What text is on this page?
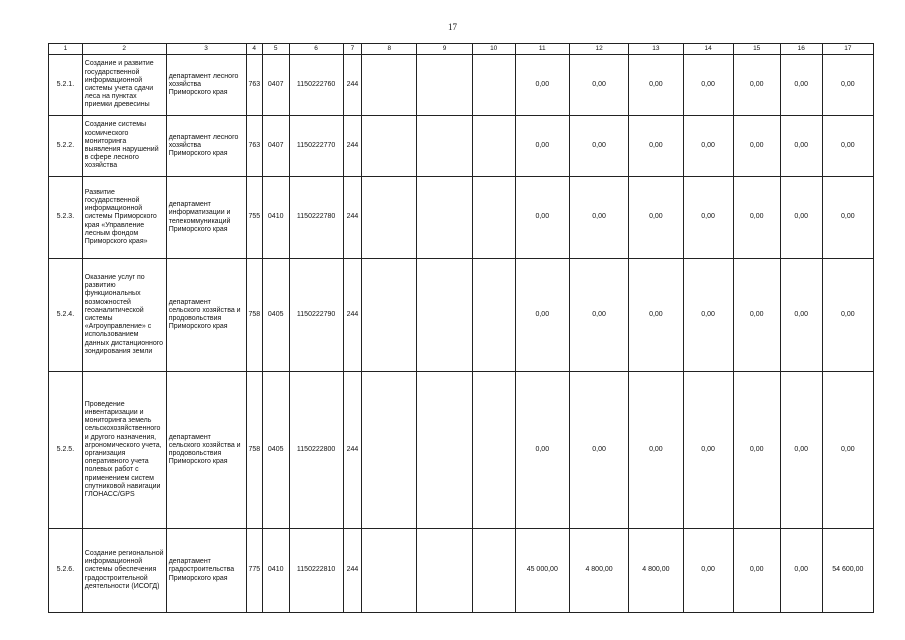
17
1	2	3	4	5	6	7	8	9	10	11	12	13	14	15	16	17
5.2.1.	Создание и развитие государственной информационной системы учета сдачи леса на пунктах приемки древесины	департамент лесного хозяйства Приморского края	763	0407	1150222760	244				0,00	0,00	0,00	0,00	0,00	0,00	0,00
5.2.2.	Создание системы космического мониторинга выявления нарушений в сфере лесного хозяйства	департамент лесного хозяйства Приморского края	763	0407	1150222770	244				0,00	0,00	0,00	0,00	0,00	0,00	0,00
5.2.3.	Развитие государственной информационной системы Приморского края «Управление лесным фондом Приморского края»	департамент информатизации и телекоммуникаций Приморского края	755	0410	1150222780	244				0,00	0,00	0,00	0,00	0,00	0,00	0,00
5.2.4.	Оказание услуг по развитию функциональных возможностей геоаналитической системы «Агроуправление» с использованием данных дистанционного зондирования земли	департамент сельского хозяйства и продовольствия Приморского края	758	0405	1150222790	244				0,00	0,00	0,00	0,00	0,00	0,00	0,00
5.2.5.	Проведение инвентаризации и мониторинга земель сельскохозяйственного и другого назначения, агрономического учета, организация оперативного учета полевых работ с применением систем спутниковой навигации ГЛОНАСС/GPS	департамент сельского хозяйства и продовольствия Приморского края	758	0405	1150222800	244				0,00	0,00	0,00	0,00	0,00	0,00	0,00
5.2.6.	Создание региональной информационной системы обеспечения градостроительной деятельности (ИСОГД)	департамент градостроительства Приморского края	775	0410	1150222810	244				45 000,00	4 800,00	4 800,00	0,00	0,00	0,00	54 600,00
